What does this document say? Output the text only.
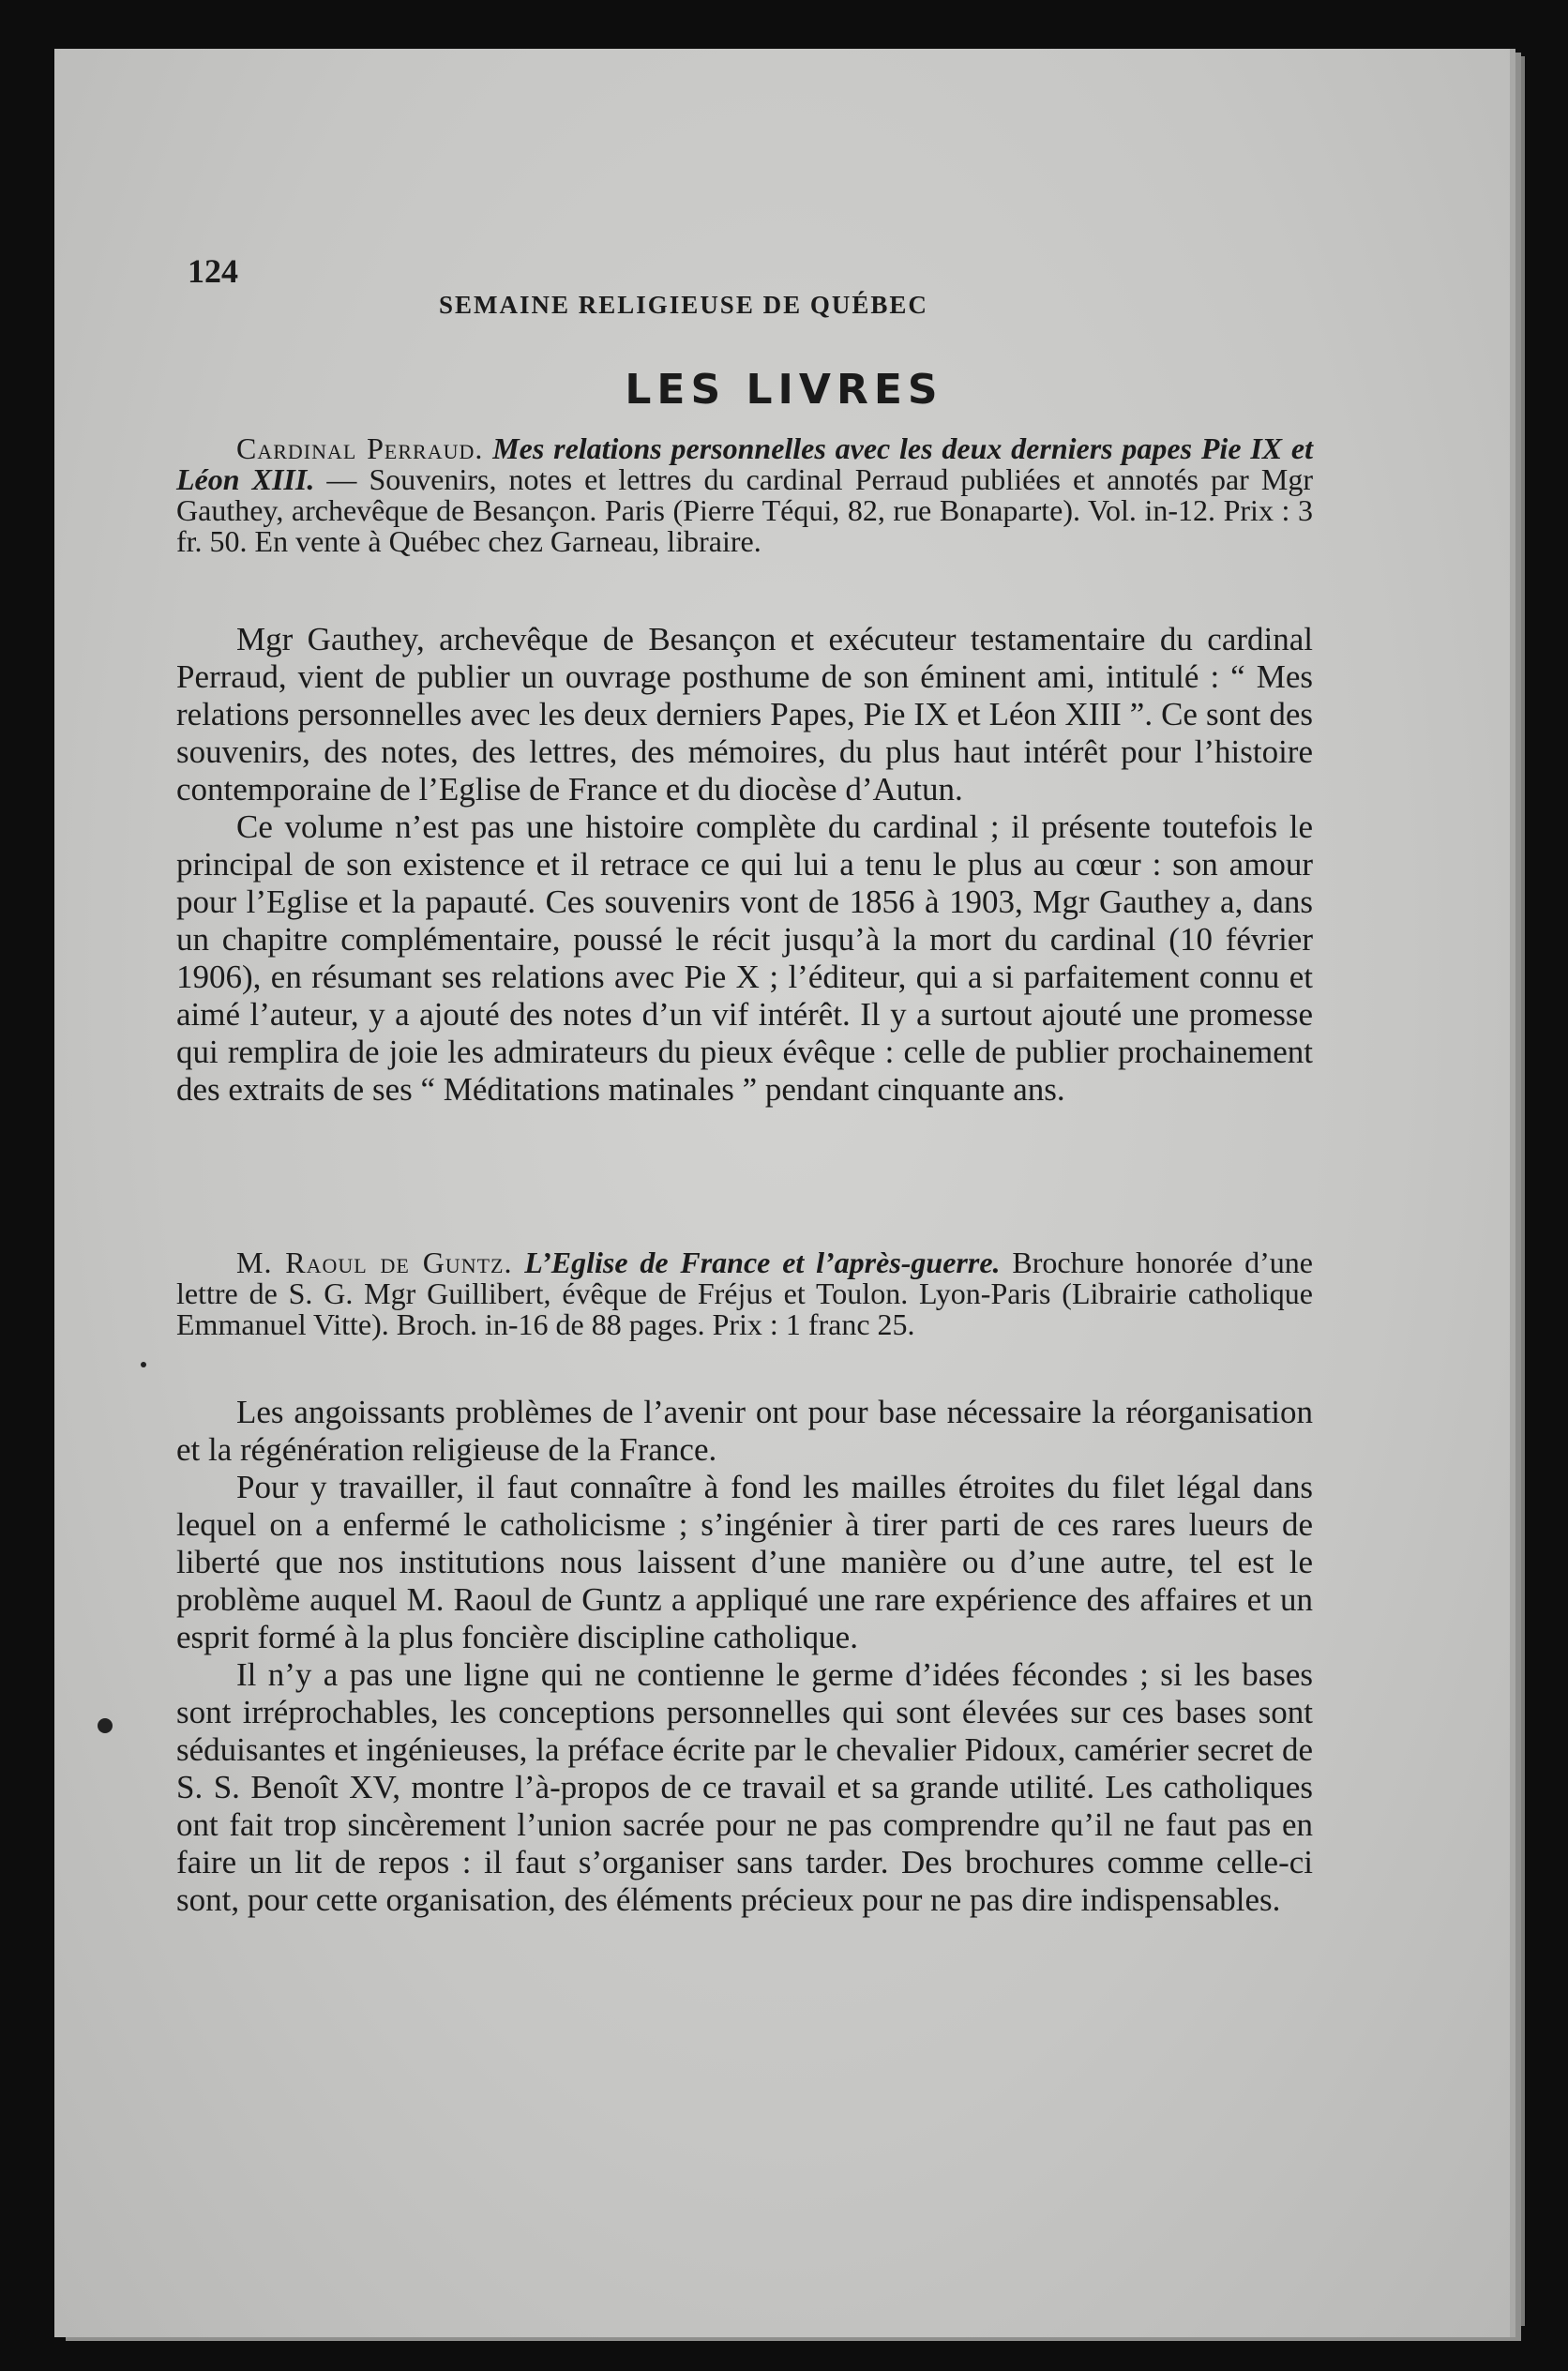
124
SEMAINE RELIGIEUSE DE QUÉBEC
LES LIVRES
Cardinal Perraud. Mes relations personnelles avec les deux derniers papes Pie IX et Léon XIII. — Souvenirs, notes et lettres du cardinal Perraud publiées et annotés par Mgr Gauthey, archevêque de Besançon. Paris (Pierre Téqui, 82, rue Bonaparte). Vol. in-12. Prix : 3 fr. 50. En vente à Québec chez Garneau, libraire.

Mgr Gauthey, archevêque de Besançon et exécuteur testamentaire du cardinal Perraud, vient de publier un ouvrage posthume de son éminent ami, intitulé : “ Mes relations personnelles avec les deux derniers Papes, Pie IX et Léon XIII ”. Ce sont des souvenirs, des notes, des lettres, des mémoires, du plus haut intérêt pour l’histoire contemporaine de l’Eglise de France et du diocèse d’Autun.

Ce volume n’est pas une histoire complète du cardinal ; il présente toutefois le principal de son existence et il retrace ce qui lui a tenu le plus au cœur : son amour pour l’Eglise et la papauté. Ces souvenirs vont de 1856 à 1903, Mgr Gauthey a, dans un chapitre complémentaire, poussé le récit jusqu’à la mort du cardinal (10 février 1906), en résumant ses relations avec Pie X ; l’éditeur, qui a si parfaitement connu et aimé l’auteur, y a ajouté des notes d’un vif intérêt. Il y a surtout ajouté une promesse qui remplira de joie les admirateurs du pieux évêque : celle de publier prochainement des extraits de ses “ Méditations matinales ” pendant cinquante ans.

M. Raoul de Guntz. L’Eglise de France et l’après-guerre. Brochure honorée d’une lettre de S. G. Mgr Guillibert, évêque de Fréjus et Toulon. Lyon-Paris (Librairie catholique Emmanuel Vitte). Broch. in-16 de 88 pages. Prix : 1 franc 25.

Les angoissants problèmes de l’avenir ont pour base nécessaire la réorganisation et la régénération religieuse de la France.

Pour y travailler, il faut connaître à fond les mailles étroites du filet légal dans lequel on a enfermé le catholicisme ; s’ingénier à tirer parti de ces rares lueurs de liberté que nos institutions nous laissent d’une manière ou d’une autre, tel est le problème auquel M. Raoul de Guntz a appliqué une rare expérience des affaires et un esprit formé à la plus foncière discipline catholique.

Il n’y a pas une ligne qui ne contienne le germe d’idées fécondes ; si les bases sont irréprochables, les conceptions personnelles qui sont élevées sur ces bases sont séduisantes et ingénieuses, la préface écrite par le chevalier Pidoux, camérier secret de S. S. Benoît XV, montre l’à-propos de ce travail et sa grande utilité. Les catholiques ont fait trop sincèrement l’union sacrée pour ne pas comprendre qu’il ne faut pas en faire un lit de repos : il faut s’organiser sans tarder. Des brochures comme celle-ci sont, pour cette organisation, des éléments précieux pour ne pas dire indispensables.
